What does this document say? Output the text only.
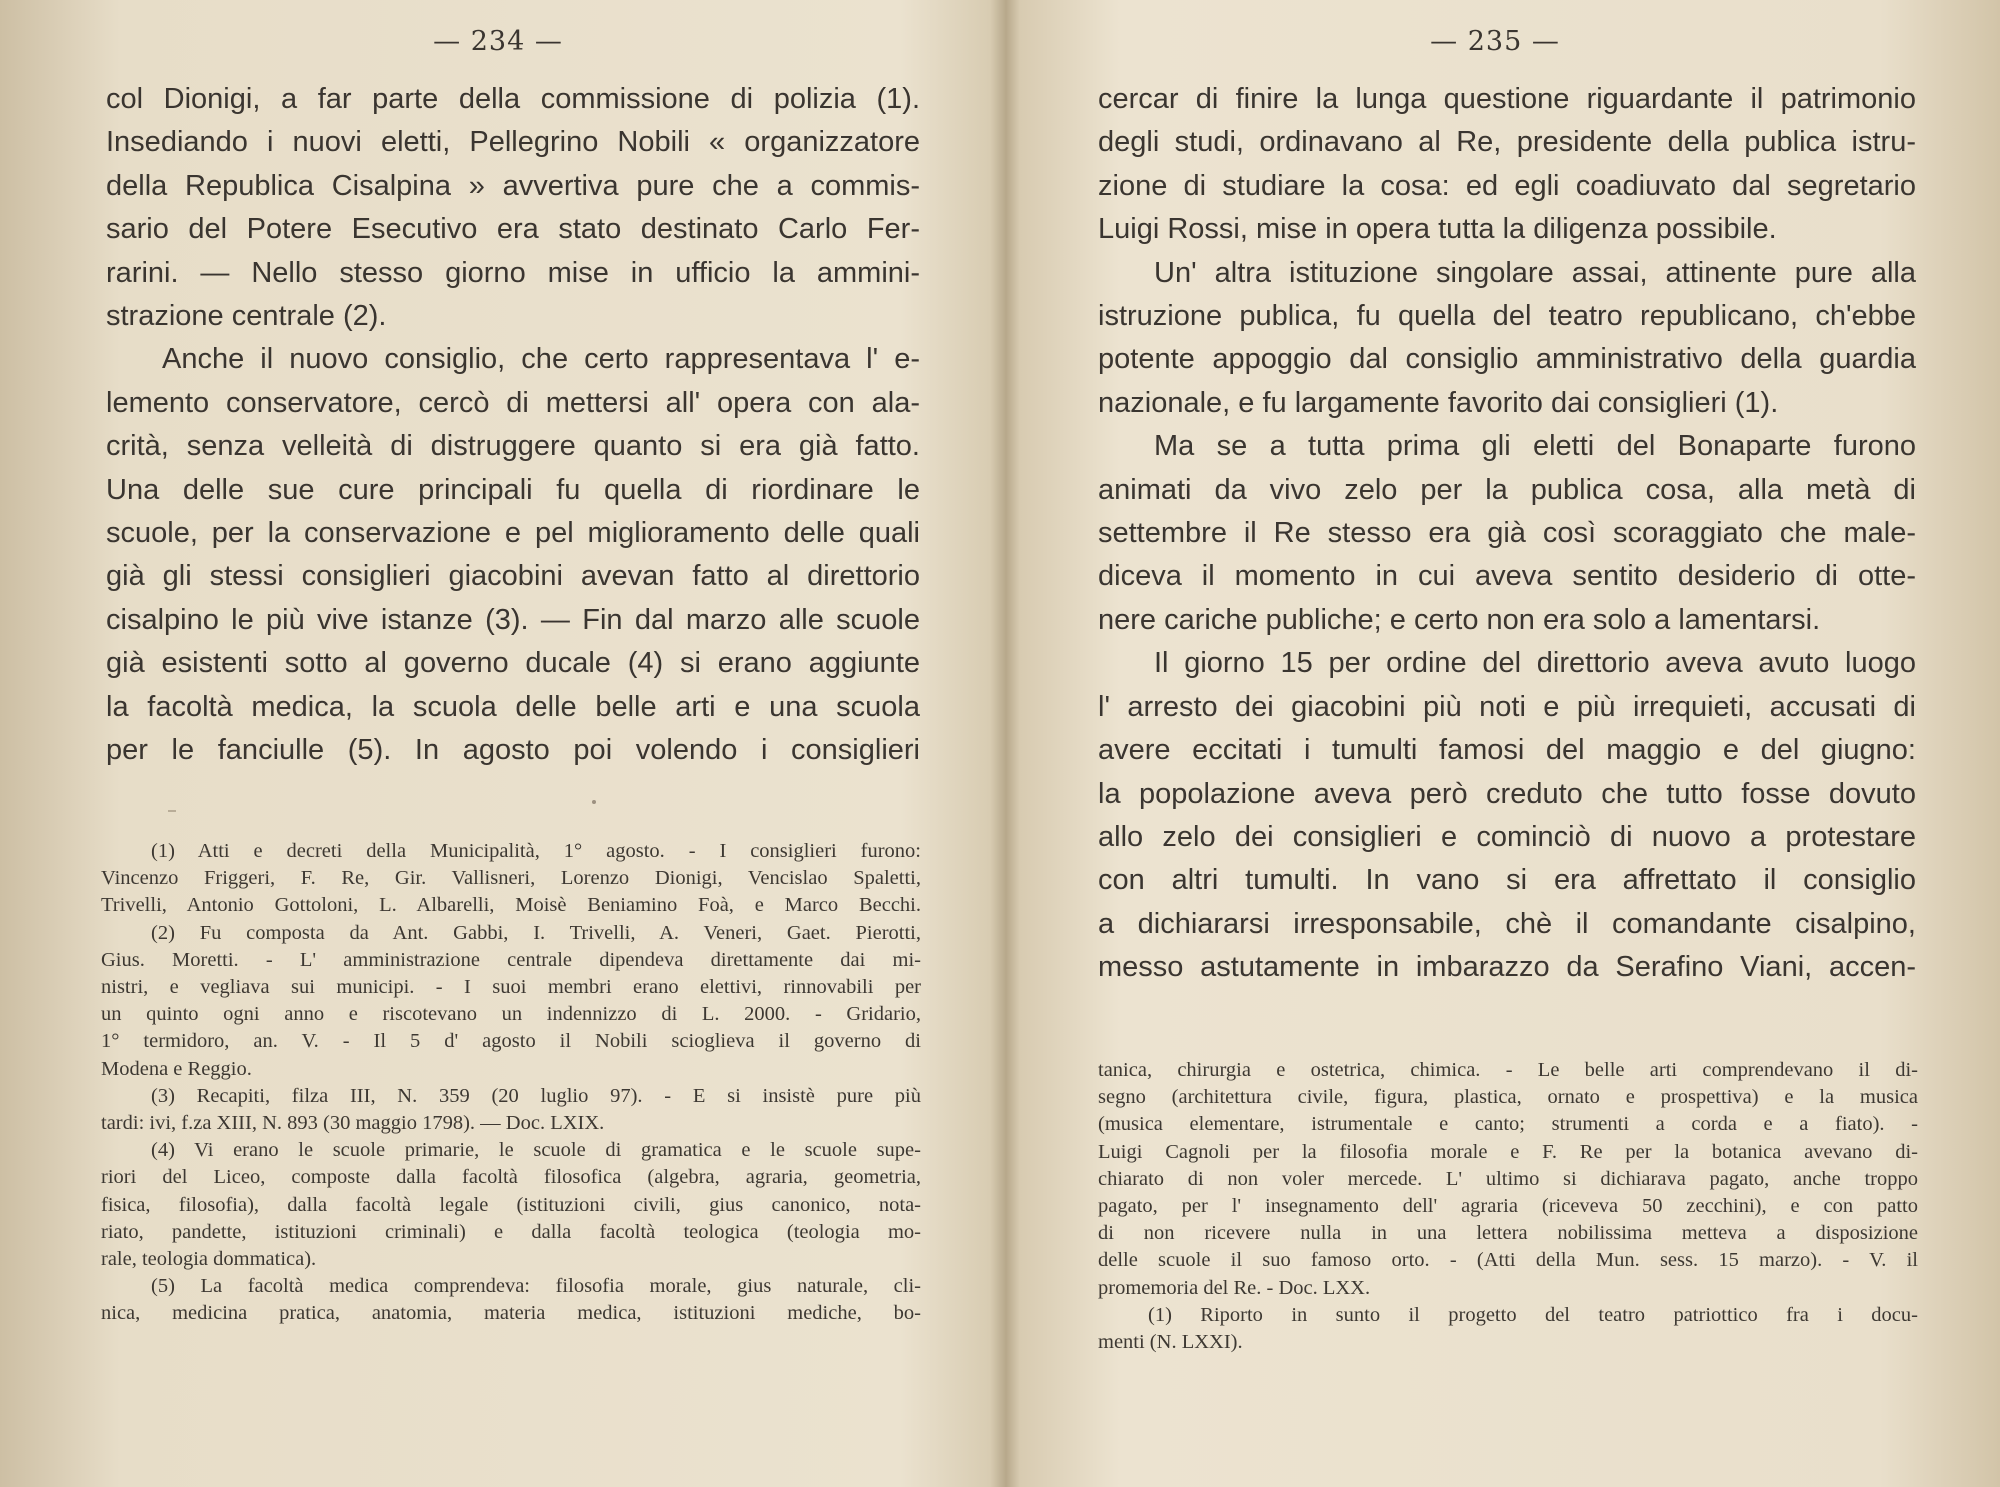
— 234 —
col Dionigi, a far parte della commissione di polizia (1).
Insediando i nuovi eletti, Pellegrino Nobili « organizzatore
della Republica Cisalpina » avvertiva pure che a commis-
sario del Potere Esecutivo era stato destinato Carlo Fer-
rarini. — Nello stesso giorno mise in ufficio la ammini-
strazione centrale (2).
Anche il nuovo consiglio, che certo rappresentava l' e-
lemento conservatore, cercò di mettersi all' opera con ala-
crità, senza velleità di distruggere quanto si era già fatto.
Una delle sue cure principali fu quella di riordinare le
scuole, per la conservazione e pel miglioramento delle quali
già gli stessi consiglieri giacobini avevan fatto al direttorio
cisalpino le più vive istanze (3). — Fin dal marzo alle scuole
già esistenti sotto al governo ducale (4) si erano aggiunte
la facoltà medica, la scuola delle belle arti e una scuola
per le fanciulle (5). In agosto poi volendo i consiglieri
(1) Atti e decreti della Municipalità, 1° agosto. - I consiglieri furono:
Vincenzo Friggeri, F. Re, Gir. Vallisneri, Lorenzo Dionigi, Vencislao Spaletti,
Trivelli, Antonio Gottoloni, L. Albarelli, Moisè Beniamino Foà, e Marco Becchi.
(2) Fu composta da Ant. Gabbi, I. Trivelli, A. Veneri, Gaet. Pierotti,
Gius. Moretti. - L' amministrazione centrale dipendeva direttamente dai mi-
nistri, e vegliava sui municipi. - I suoi membri erano elettivi, rinnovabili per
un quinto ogni anno e riscotevano un indennizzo di L. 2000. - Gridario,
1° termidoro, an. V. - Il 5 d' agosto il Nobili scioglieva il governo di
Modena e Reggio.
(3) Recapiti, filza III, N. 359 (20 luglio 97). - E si insistè pure più
tardi: ivi, f.za XIII, N. 893 (30 maggio 1798). — Doc. LXIX.
(4) Vi erano le scuole primarie, le scuole di gramatica e le scuole supe-
riori del Liceo, composte dalla facoltà filosofica (algebra, agraria, geometria,
fisica, filosofia), dalla facoltà legale (istituzioni civili, gius canonico, nota-
riato, pandette, istituzioni criminali) e dalla facoltà teologica (teologia mo-
rale, teologia dommatica).
(5) La facoltà medica comprendeva: filosofia morale, gius naturale, cli-
nica, medicina pratica, anatomia, materia medica, istituzioni mediche, bo-
— 235 —
cercar di finire la lunga questione riguardante il patrimonio
degli studi, ordinavano al Re, presidente della publica istru-
zione di studiare la cosa: ed egli coadiuvato dal segretario
Luigi Rossi, mise in opera tutta la diligenza possibile.
Un' altra istituzione singolare assai, attinente pure alla
istruzione publica, fu quella del teatro republicano, ch'ebbe
potente appoggio dal consiglio amministrativo della guardia
nazionale, e fu largamente favorito dai consiglieri (1).
Ma se a tutta prima gli eletti del Bonaparte furono
animati da vivo zelo per la publica cosa, alla metà di
settembre il Re stesso era già così scoraggiato che male-
diceva il momento in cui aveva sentito desiderio di otte-
nere cariche publiche; e certo non era solo a lamentarsi.
Il giorno 15 per ordine del direttorio aveva avuto luogo
l' arresto dei giacobini più noti e più irrequieti, accusati di
avere eccitati i tumulti famosi del maggio e del giugno:
la popolazione aveva però creduto che tutto fosse dovuto
allo zelo dei consiglieri e cominciò di nuovo a protestare
con altri tumulti. In vano si era affrettato il consiglio
a dichiararsi irresponsabile, chè il comandante cisalpino,
messo astutamente in imbarazzo da Serafino Viani, accen-
tanica, chirurgia e ostetrica, chimica. - Le belle arti comprendevano il di-
segno (architettura civile, figura, plastica, ornato e prospettiva) e la musica
(musica elementare, istrumentale e canto; strumenti a corda e a fiato). -
Luigi Cagnoli per la filosofia morale e F. Re per la botanica avevano di-
chiarato di non voler mercede. L' ultimo si dichiarava pagato, anche troppo
pagato, per l' insegnamento dell' agraria (riceveva 50 zecchini), e con patto
di non ricevere nulla in una lettera nobilissima metteva a disposizione
delle scuole il suo famoso orto. - (Atti della Mun. sess. 15 marzo). - V. il
promemoria del Re. - Doc. LXX.
(1) Riporto in sunto il progetto del teatro patriottico fra i docu-
menti (N. LXXI).
